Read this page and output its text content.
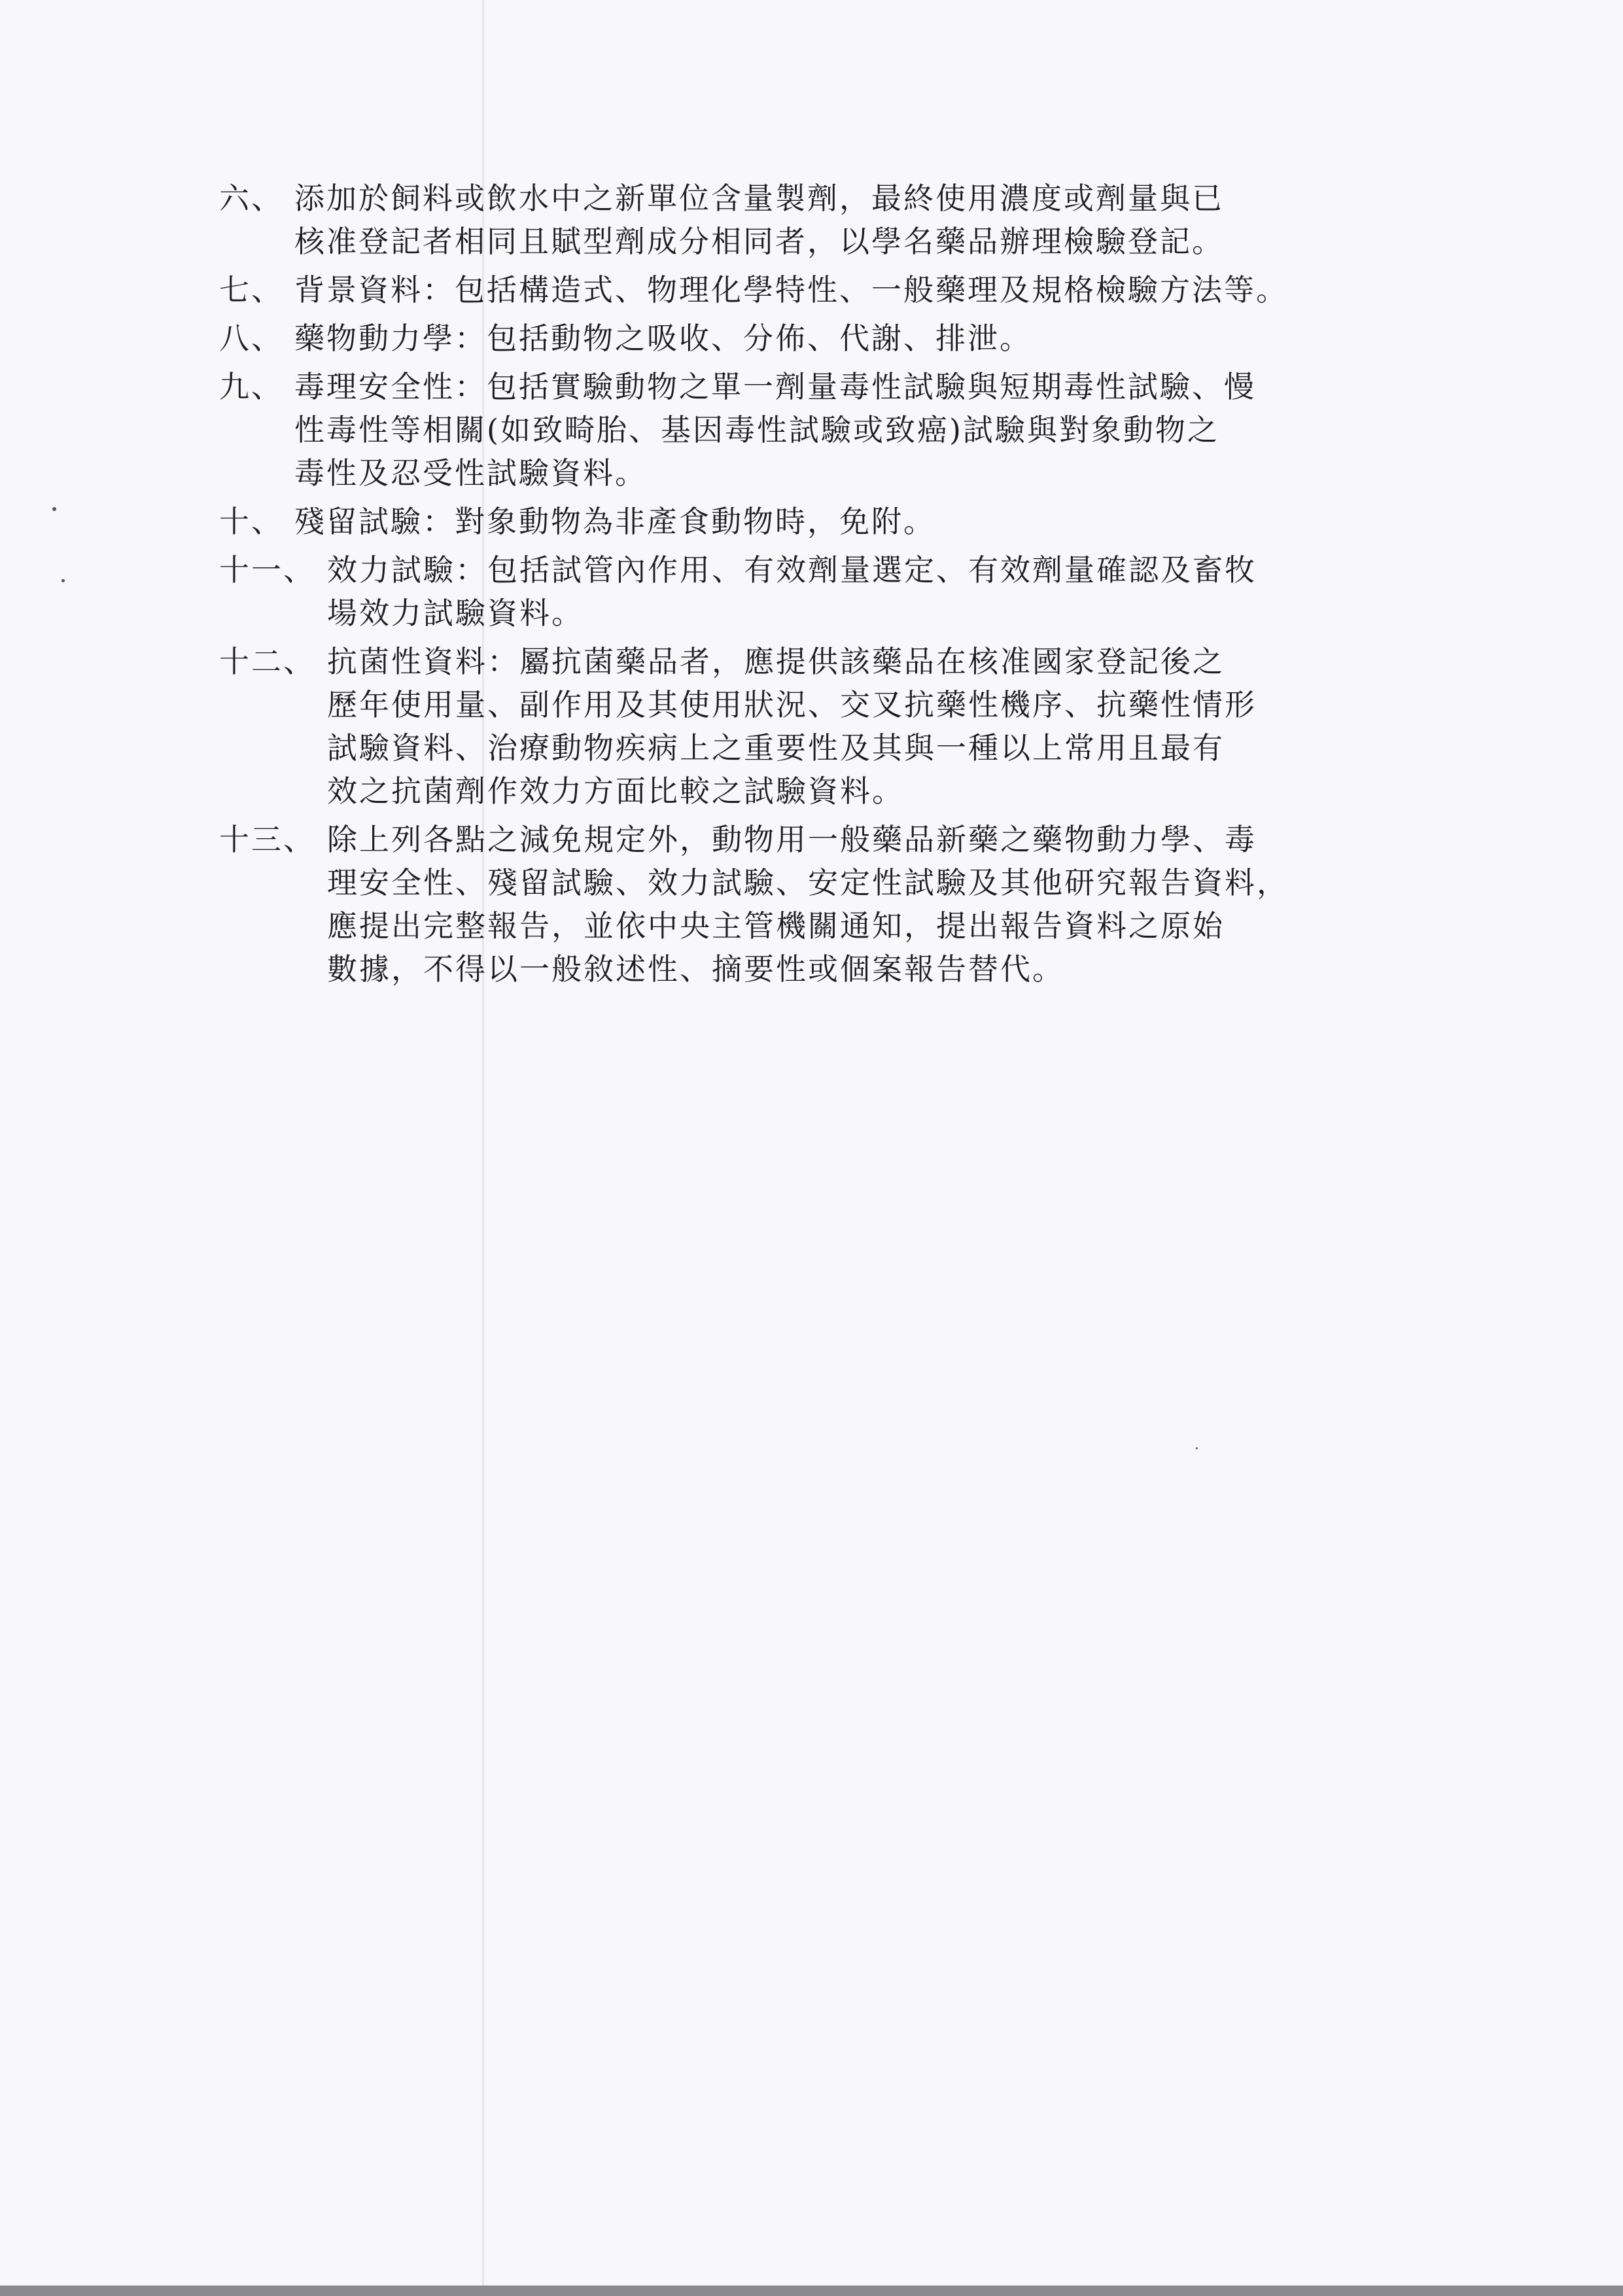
六、 添加於飼料或飲水中之新單位含量製劑，最終使用濃度或劑量與已
核准登記者相同且賦型劑成分相同者，以學名藥品辦理檢驗登記。
七、 背景資料：包括構造式、物理化學特性、一般藥理及規格檢驗方法等。
八、 藥物動力學：包括動物之吸收、分佈、代謝、排泄。
九、 毒理安全性：包括實驗動物之單一劑量毒性試驗與短期毒性試驗、慢
性毒性等相關(如致畸胎、基因毒性試驗或致癌)試驗與對象動物之
毒性及忍受性試驗資料。
十、 殘留試驗：對象動物為非產食動物時，免附。
十一、 效力試驗：包括試管內作用、有效劑量選定、有效劑量確認及畜牧
場效力試驗資料。
十二、 抗菌性資料：屬抗菌藥品者，應提供該藥品在核准國家登記後之
歷年使用量、副作用及其使用狀況、交叉抗藥性機序、抗藥性情形
試驗資料、治療動物疾病上之重要性及其與一種以上常用且最有
效之抗菌劑作效力方面比較之試驗資料。
十三、 除上列各點之減免規定外，動物用一般藥品新藥之藥物動力學、毒
理安全性、殘留試驗、效力試驗、安定性試驗及其他研究報告資料，
應提出完整報告，並依中央主管機關通知，提出報告資料之原始
數據，不得以一般敘述性、摘要性或個案報告替代。
